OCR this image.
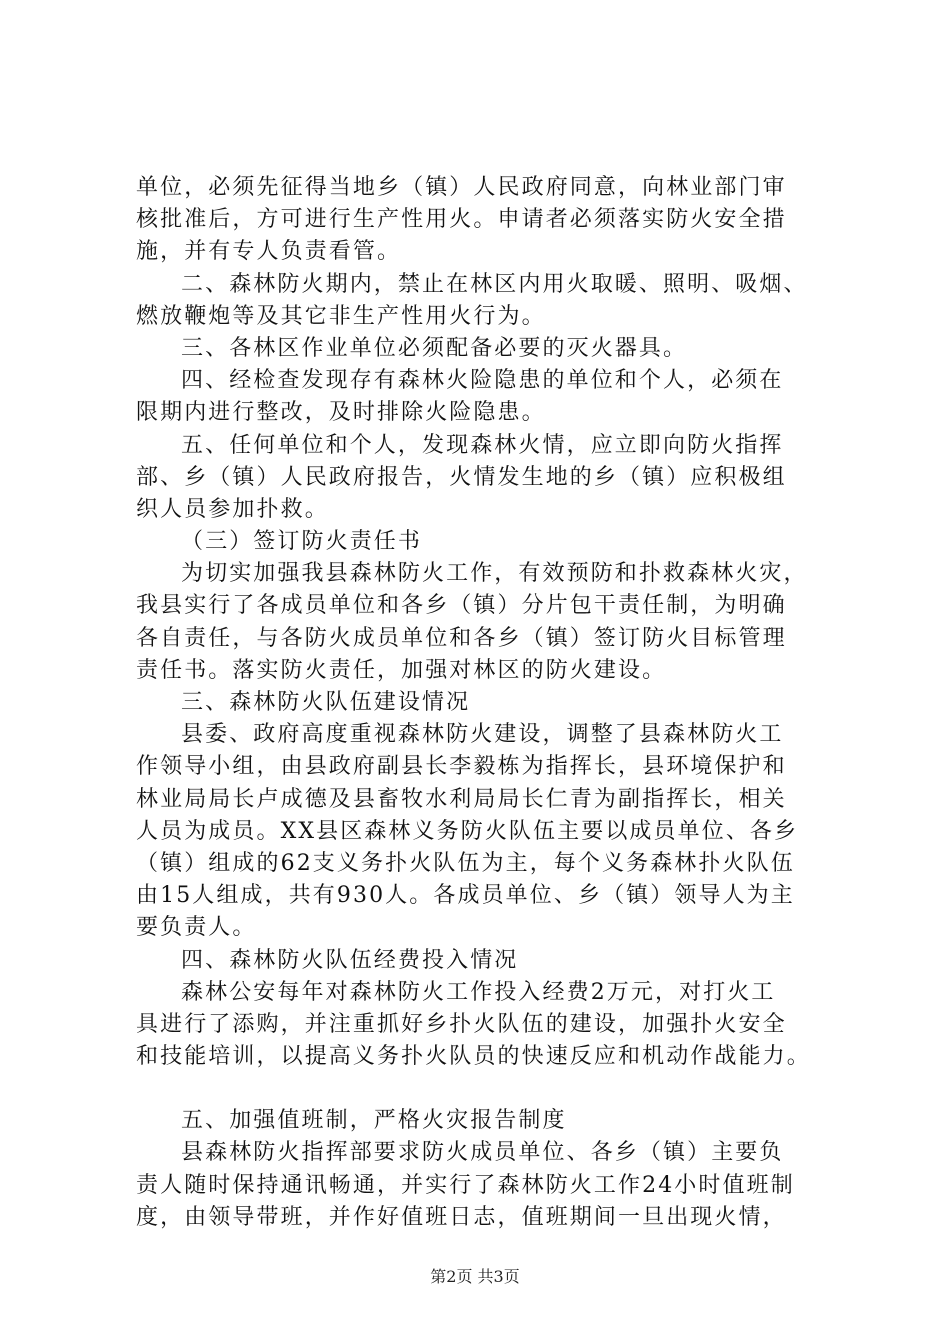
单位，必须先征得当地乡（镇）人民政府同意，向林业部门审
核批准后，方可进行生产性用火。申请者必须落实防火安全措
施，并有专人负责看管。
二、森林防火期内，禁止在林区内用火取暖、照明、吸烟、
燃放鞭炮等及其它非生产性用火行为。
三、各林区作业单位必须配备必要的灭火器具。
四、经检查发现存有森林火险隐患的单位和个人，必须在
限期内进行整改，及时排除火险隐患。
五、任何单位和个人，发现森林火情，应立即向防火指挥
部、乡（镇）人民政府报告，火情发生地的乡（镇）应积极组
织人员参加扑救。
（三）签订防火责任书
为切实加强我县森林防火工作，有效预防和扑救森林火灾，
我县实行了各成员单位和各乡（镇）分片包干责任制，为明确
各自责任，与各防火成员单位和各乡（镇）签订防火目标管理
责任书。落实防火责任，加强对林区的防火建设。
三、森林防火队伍建设情况
县委、政府高度重视森林防火建设，调整了县森林防火工
作领导小组，由县政府副县长李毅栋为指挥长，县环境保护和
林业局局长卢成德及县畜牧水利局局长仁青为副指挥长，相关
人员为成员。XX县区森林义务防火队伍主要以成员单位、各乡
（镇）组成的62支义务扑火队伍为主，每个义务森林扑火队伍
由15人组成，共有930人。各成员单位、乡（镇）领导人为主
要负责人。
四、森林防火队伍经费投入情况
森林公安每年对森林防火工作投入经费2万元，对打火工
具进行了添购，并注重抓好乡扑火队伍的建设，加强扑火安全
和技能培训，以提高义务扑火队员的快速反应和机动作战能力。
五、加强值班制，严格火灾报告制度
县森林防火指挥部要求防火成员单位、各乡（镇）主要负
责人随时保持通讯畅通，并实行了森林防火工作24小时值班制
度，由领导带班，并作好值班日志，值班期间一旦出现火情，
第2页 共3页
